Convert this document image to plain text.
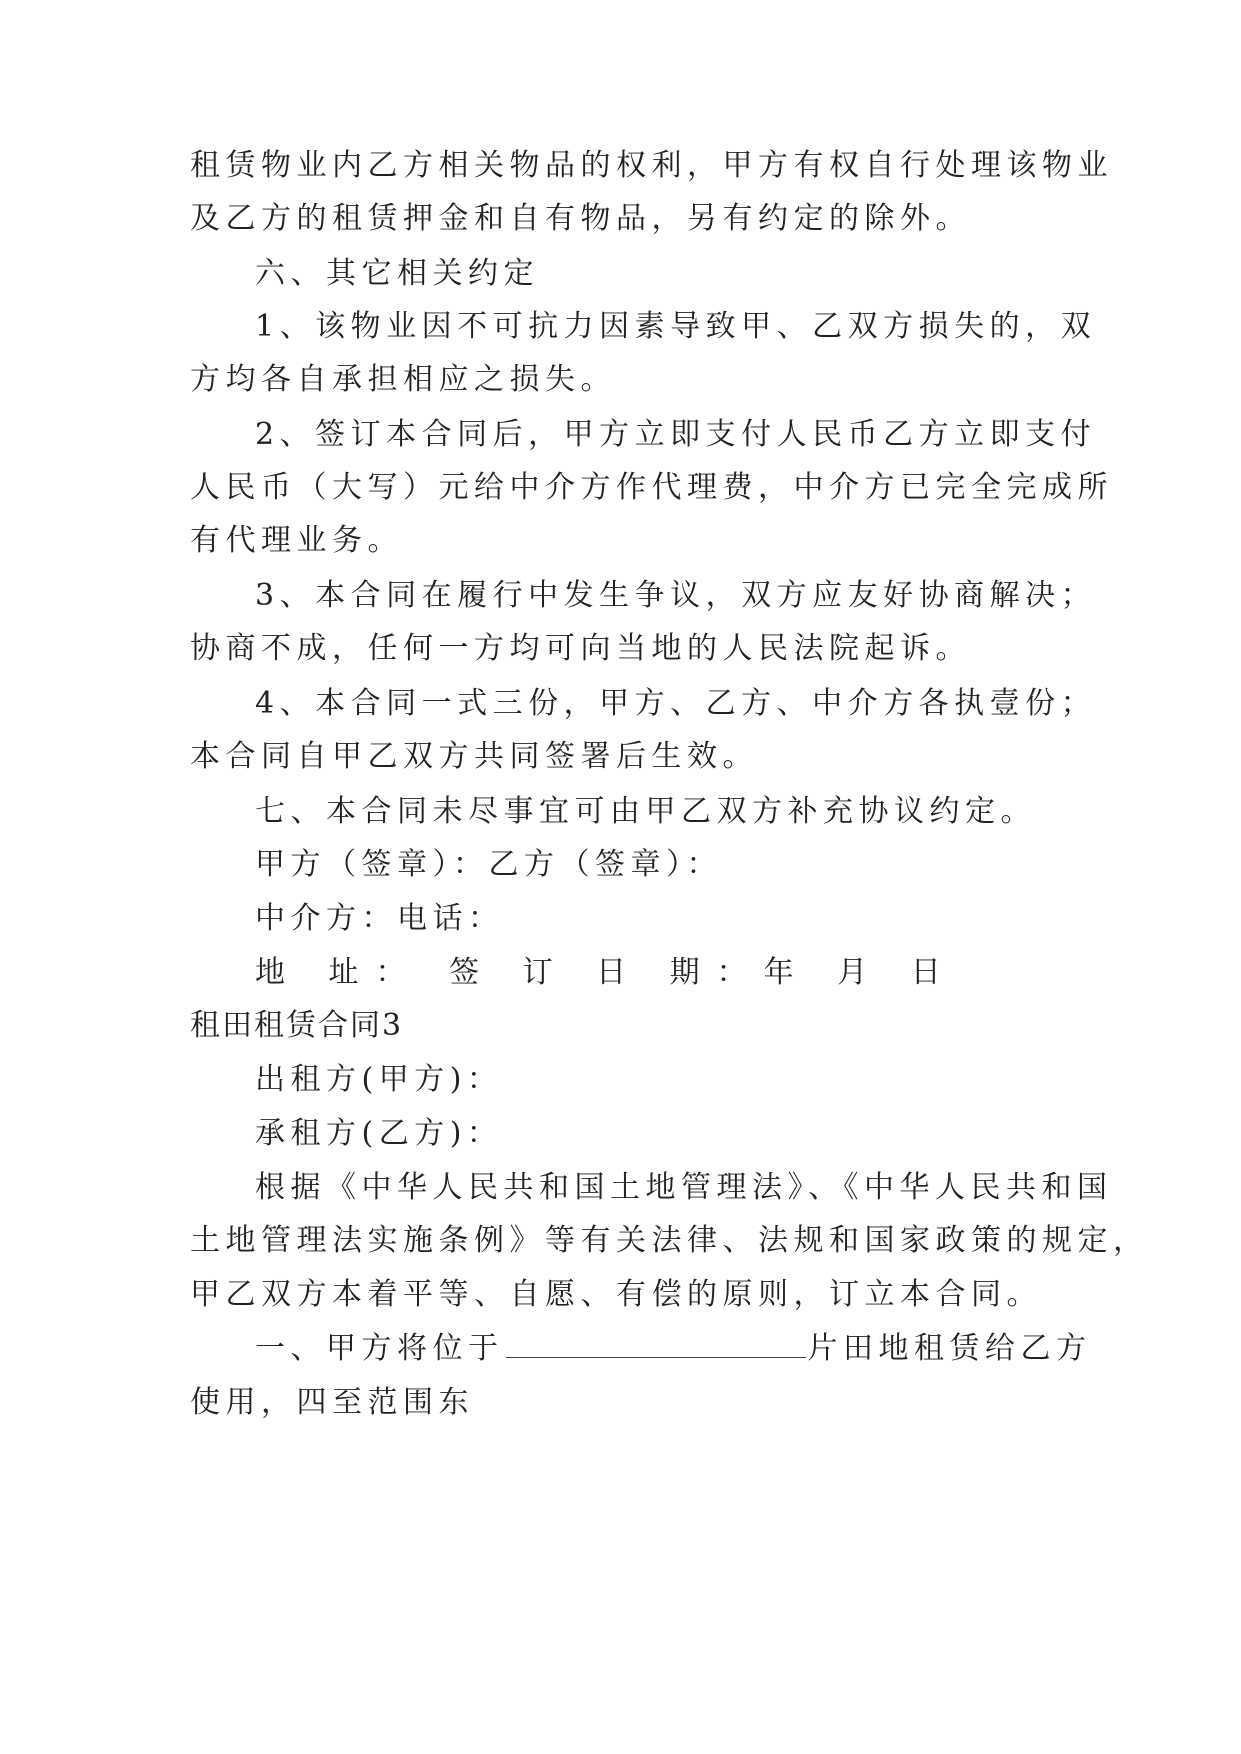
租赁物业内乙方相关物品的权利，甲方有权自行处理该物业
及乙方的租赁押金和自有物品，另有约定的除外。
六、其它相关约定
1、该物业因不可抗力因素导致甲、乙双方损失的，双
方均各自承担相应之损失。
2、签订本合同后，甲方立即支付人民币乙方立即支付
人民币（大写）元给中介方作代理费，中介方已完全完成所
有代理业务。
3、本合同在履行中发生争议，双方应友好协商解决；
协商不成，任何一方均可向当地的人民法院起诉。
4、本合同一式三份，甲方、乙方、中介方各执壹份；
本合同自甲乙双方共同签署后生效。
七、本合同未尽事宜可由甲乙双方补充协议约定。
甲方（签章）：乙方（签章）：
中介方：电话：
地 址： 签 订 日 期：年 月 日
租田租赁合同3
出租方(甲方)：
承租方(乙方)：
根据《中华人民共和国土地管理法》、《中华人民共和国
土地管理法实施条例》等有关法律、法规和国家政策的规定，
甲乙双方本着平等、自愿、有偿的原则，订立本合同。
一、甲方将位于	片田地租赁给乙方
使用，四至范围东
